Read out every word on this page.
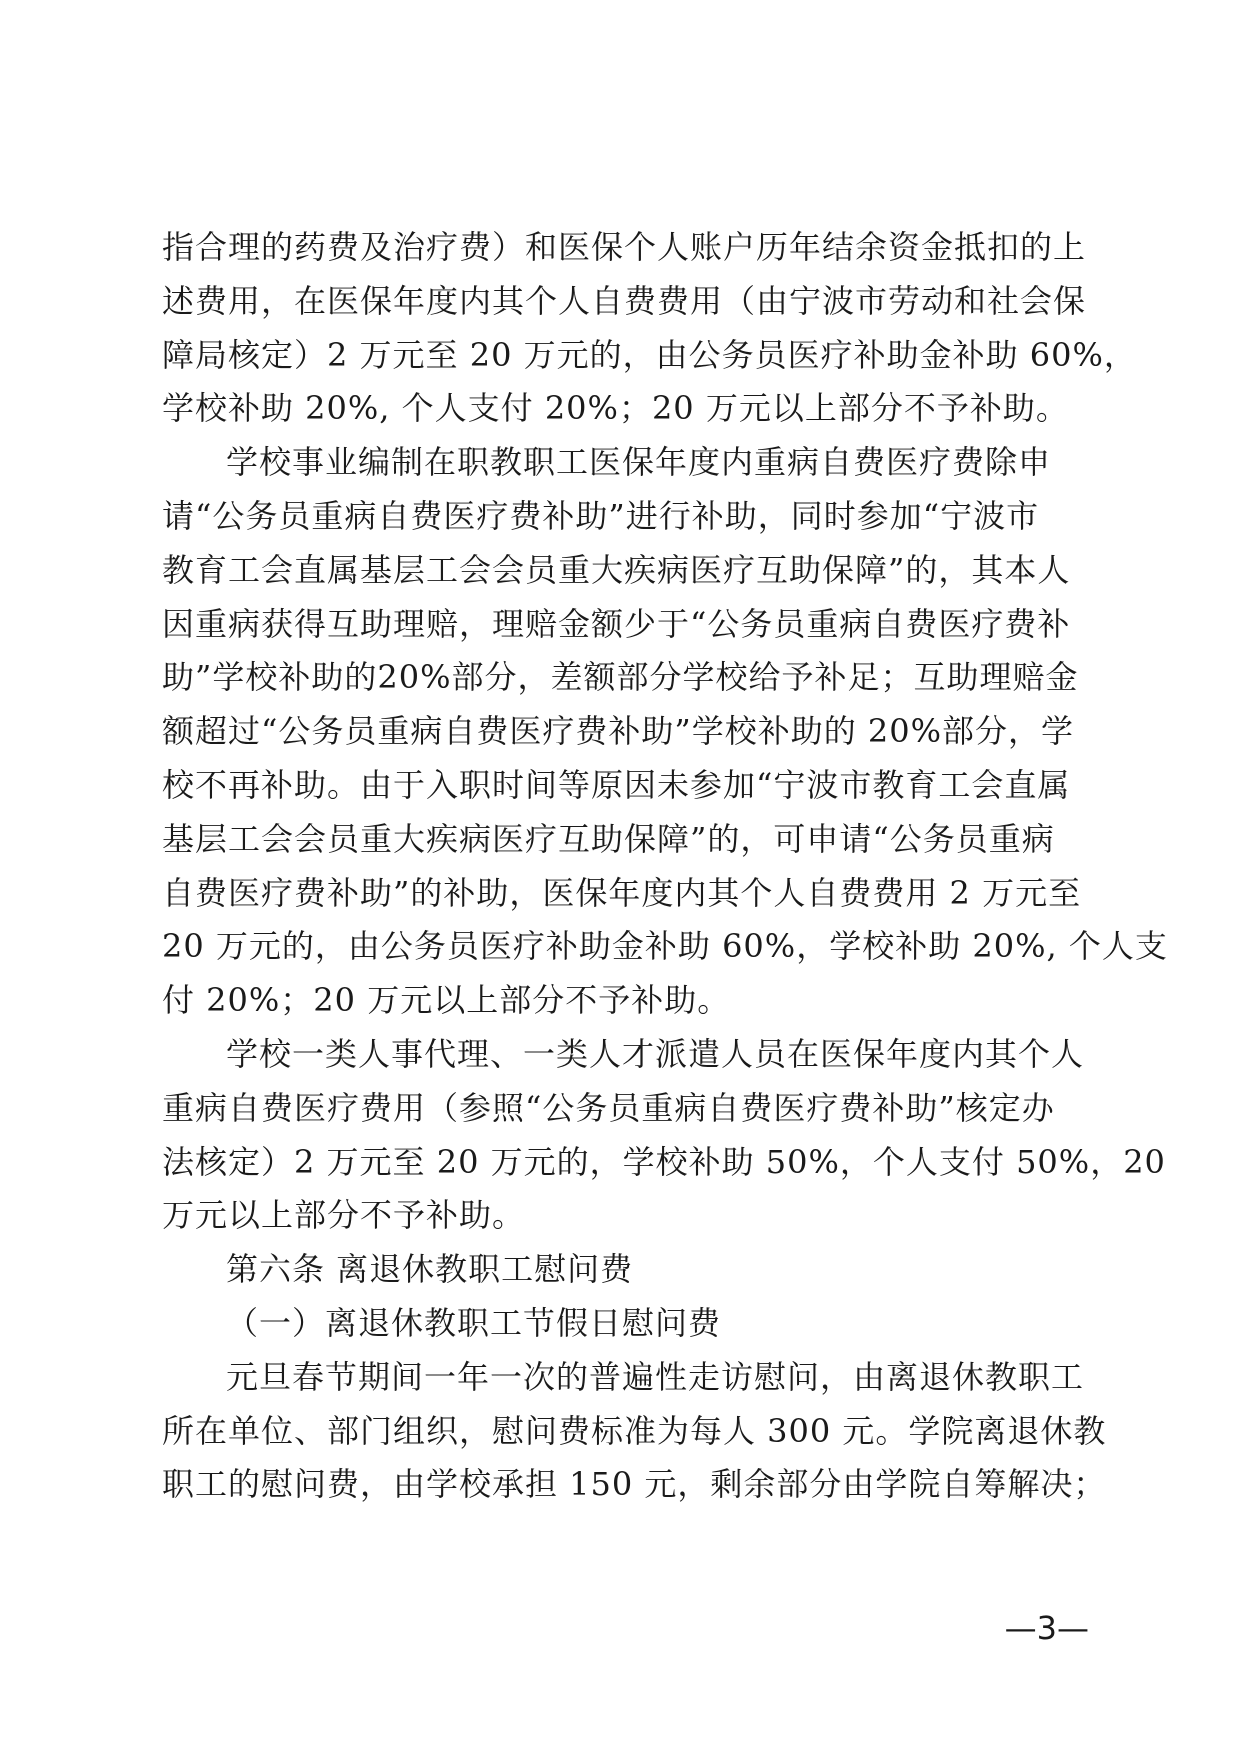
指合理的药费及治疗费）和医保个人账户历年结余资金抵扣的上
述费用，在医保年度内其个人自费费用（由宁波市劳动和社会保
障局核定）2 万元至 20 万元的，由公务员医疗补助金补助 60%，
学校补助 20%, 个人支付 20%；20 万元以上部分不予补助。
学校事业编制在职教职工医保年度内重病自费医疗费除申
请“公务员重病自费医疗费补助”进行补助，同时参加“宁波市
教育工会直属基层工会会员重大疾病医疗互助保障”的，其本人
因重病获得互助理赔，理赔金额少于“公务员重病自费医疗费补
助”学校补助的20%部分，差额部分学校给予补足；互助理赔金
额超过“公务员重病自费医疗费补助”学校补助的 20%部分，学
校不再补助。由于入职时间等原因未参加“宁波市教育工会直属
基层工会会员重大疾病医疗互助保障”的，可申请“公务员重病
自费医疗费补助”的补助，医保年度内其个人自费费用 2 万元至
20 万元的，由公务员医疗补助金补助 60%，学校补助 20%, 个人支
付 20%；20 万元以上部分不予补助。
学校一类人事代理、一类人才派遣人员在医保年度内其个人
重病自费医疗费用（参照“公务员重病自费医疗费补助”核定办
法核定）2 万元至 20 万元的，学校补助 50%，个人支付 50%，20
万元以上部分不予补助。
第六条 离退休教职工慰问费
（一）离退休教职工节假日慰问费
元旦春节期间一年一次的普遍性走访慰问，由离退休教职工
所在单位、部门组织，慰问费标准为每人 300 元。学院离退休教
职工的慰问费，由学校承担 150 元，剩余部分由学院自筹解决；
—3—
